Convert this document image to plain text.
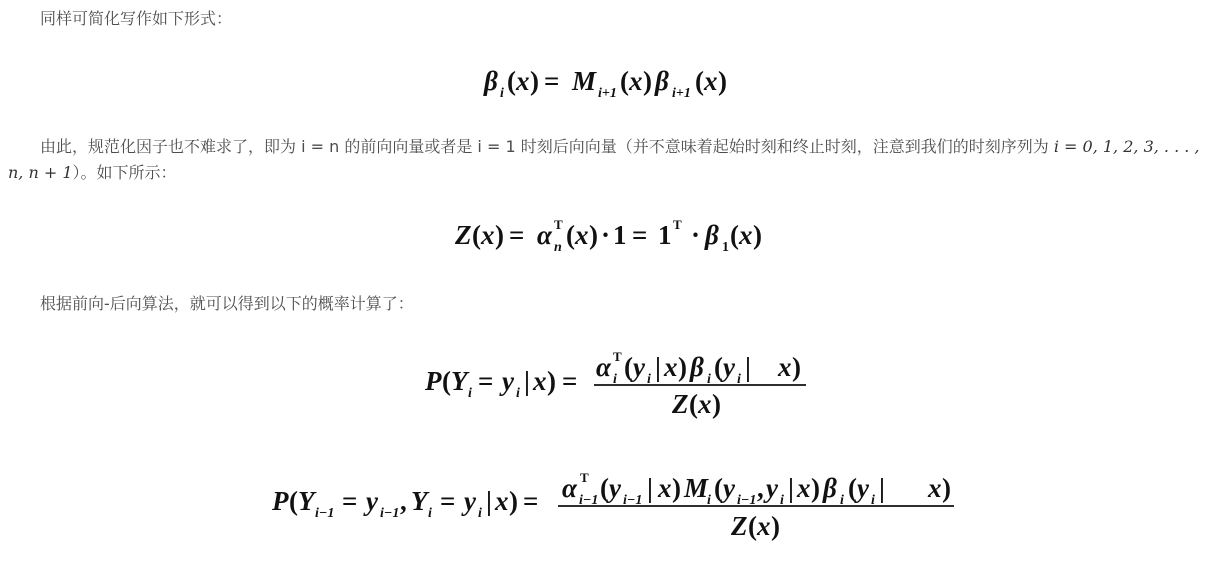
同样可简化写作如下形式：
β i ( x ) = M i+1 ( x ) β i+1 ( x )
由此，规范化因子也不难求了，即为 i = n 的前向向量或者是 i = 1 时刻后向向量（并不意味着起始时刻和终止时刻，注意到我们的时刻序列为 i = 0, 1, 2, 3, . . . , n, n + 1）。如下所示：
Z ( x ) = α T
n ( x ) · 1 = 1 T · β 1 ( x )
根据前向-后向算法，就可以得到以下的概率计算了：
P ( Y i = y i | x ) = α T
i ( y i | x ) β i ( y i | x )
Z ( x )
P ( Y i−1 = y i−1 , Y i = y i | x ) = α T
i−1 ( y i−1 | x ) M
i ( y i−1 , y i | x ) β i ( y i | x )
Z ( x )
